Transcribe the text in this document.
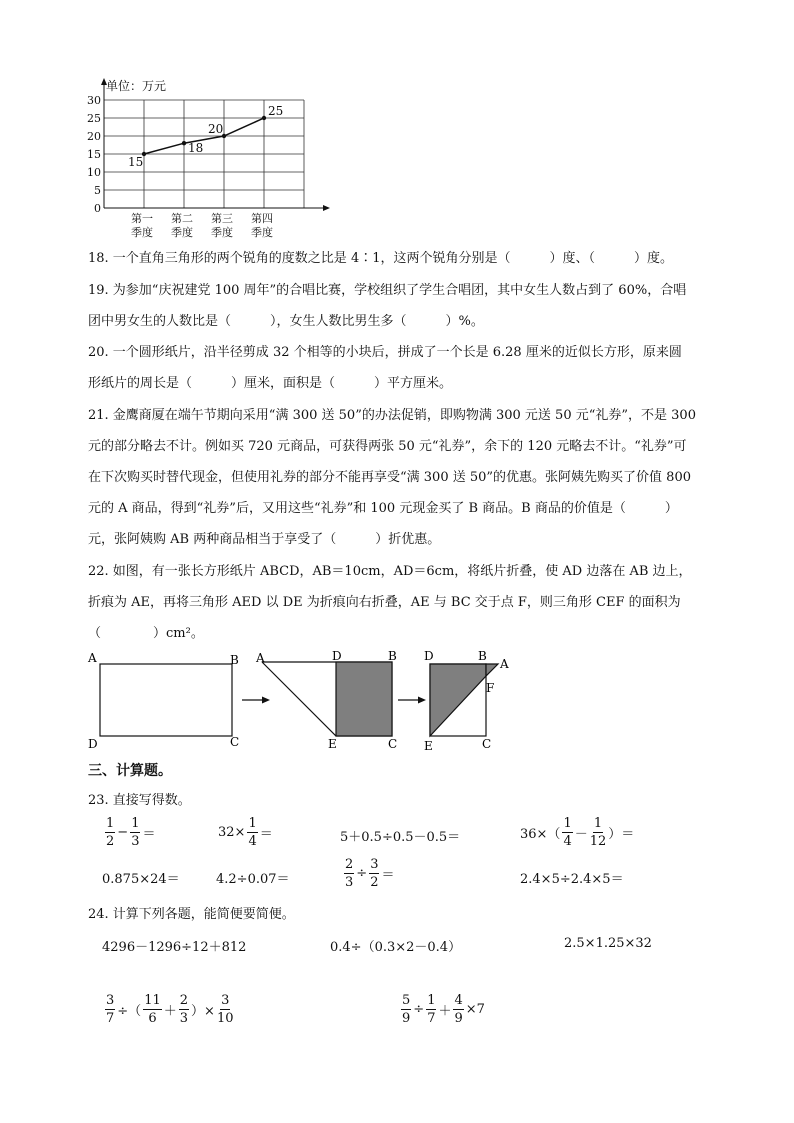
0
5
10
15
20
25
30
第一
季度
第二
季度
第三
季度
第四
季度
15
18
20
25
单位：万元
18. 一个直角三角形的两个锐角的度数之比是 4∶1，这两个锐角分别是（　　　）度、（　　　）度。
19. 为参加“庆祝建党 100 周年”的合唱比赛，学校组织了学生合唱团，其中女生人数占到了 60%，合唱
团中男女生的人数比是（　　　），女生人数比男生多（　　　）%。
20. 一个圆形纸片，沿半径剪成 32 个相等的小块后，拼成了一个长是 6.28 厘米的近似长方形，原来圆
形纸片的周长是（　　　）厘米，面积是（　　　）平方厘米。
21. 金鹰商厦在端午节期向采用“满 300 送 50”的办法促销，即购物满 300 元送 50 元“礼券”，不是 300
元的部分略去不计。例如买 720 元商品，可获得两张 50 元“礼券”，余下的 120 元略去不计。“礼券”可
在下次购买时替代现金，但使用礼券的部分不能再享受“满 300 送 50”的优惠。张阿姨先购买了价值 800
元的 A 商品，得到“礼券”后，又用这些“礼券”和 100 元现金买了 B 商品。B 商品的价值是（　　　）
元，张阿姨购 AB 两种商品相当于享受了（　　　）折优惠。
22. 如图，有一张长方形纸片 ABCD，AB＝10cm，AD＝6cm，将纸片折叠，使 AD 边落在 AB 边上，
折痕为 AE，再将三角形 AED 以 DE 为折痕向右折叠，AE 与 BC 交于点 F，则三角形 CEF 的面积为
（　　　　）cm²。
A	B
D	C
A	D	B
E	C
D	B
A
F
E	C
三、计算题。
23. 直接写得数。
$\frac{1}{2} - \frac{1}{3}$ ＝	$32\times \frac{1}{4}$ ＝	5＋0.5÷0.5－0.5＝	$36\times( \frac{1}{4} - \frac{1}{12}$ ）＝
0.875×24＝	4.2÷0.07＝	$\frac{2}{3} \div \frac{3}{2}$ ＝	2.4×5÷2.4×5＝
24. 计算下列各题，能简便要简便。
4296－1296÷12＋812	0.4÷（0.3×2－0.4）	2.5×1.25×32
$\frac{3}{7}$ ÷（ $\frac{11}{6} + \frac{2}{3}$ ）× $\frac{3}{10}$	$\frac{5}{9} \div \frac{1}{7} + \frac{4}{9} \times 7$
